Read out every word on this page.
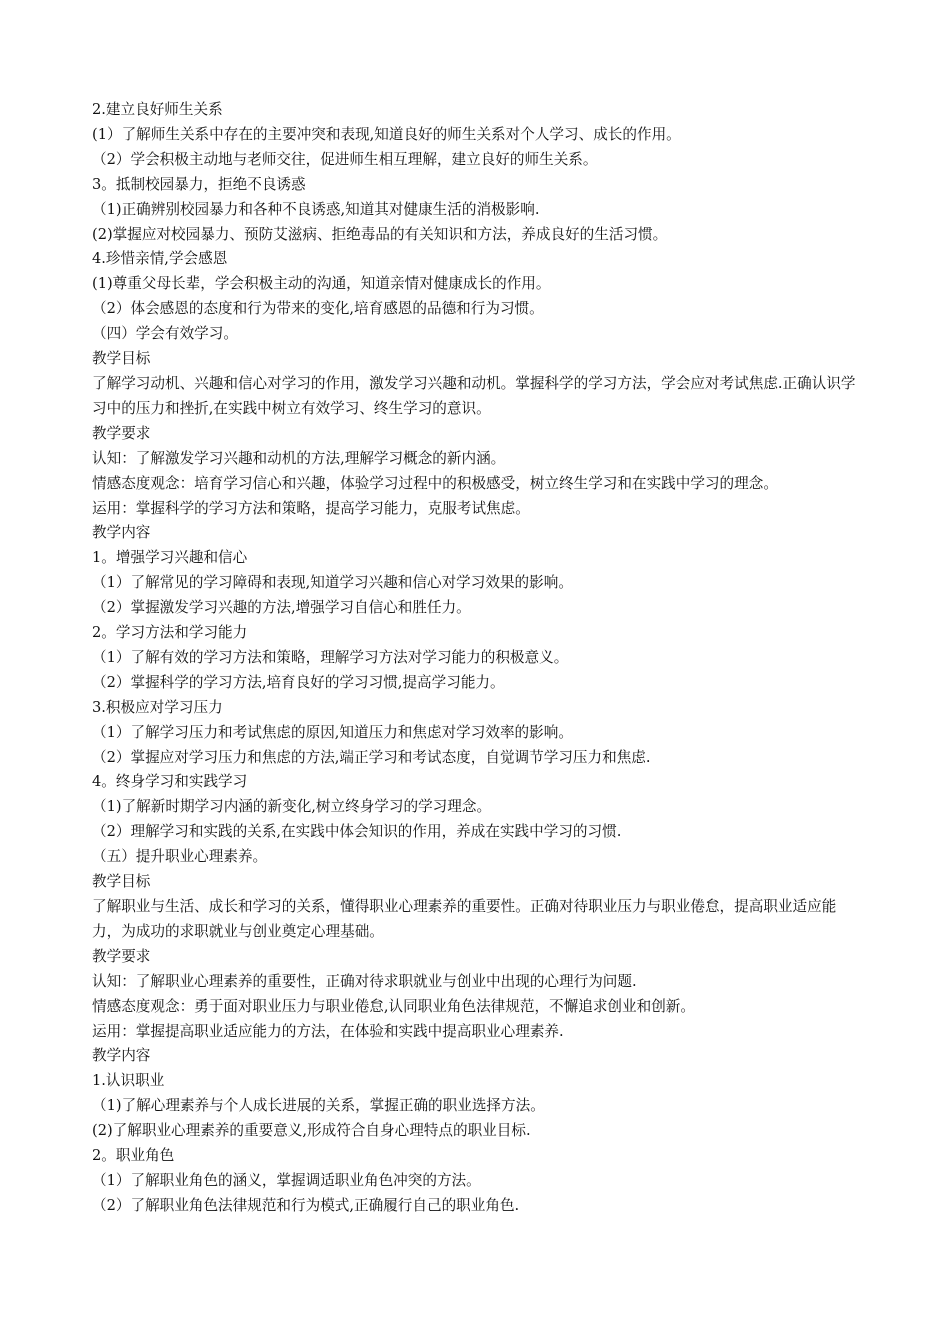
2.建立良好师生关系

(1）了解师生关系中存在的主要冲突和表现,知道良好的师生关系对个人学习、成长的作用。

（2）学会积极主动地与老师交往，促进师生相互理解，建立良好的师生关系。

3。抵制校园暴力，拒绝不良诱惑

（1)正确辨别校园暴力和各种不良诱惑,知道其对健康生活的消极影响.

(2)掌握应对校园暴力、预防艾滋病、拒绝毒品的有关知识和方法，养成良好的生活习惯。

4.珍惜亲情,学会感恩

(1)尊重父母长辈，学会积极主动的沟通，知道亲情对健康成长的作用。

（2）体会感恩的态度和行为带来的变化,培育感恩的品德和行为习惯。

（四）学会有效学习。

教学目标

了解学习动机、兴趣和信心对学习的作用，激发学习兴趣和动机。掌握科学的学习方法，学会应对考试焦虑.正确认识学习中的压力和挫折,在实践中树立有效学习、终生学习的意识。

教学要求

认知：了解激发学习兴趣和动机的方法,理解学习概念的新内涵。

情感态度观念：培育学习信心和兴趣，体验学习过程中的积极感受，树立终生学习和在实践中学习的理念。

运用：掌握科学的学习方法和策略，提高学习能力，克服考试焦虑。

教学内容

1。增强学习兴趣和信心

（1）了解常见的学习障碍和表现,知道学习兴趣和信心对学习效果的影响。

（2）掌握激发学习兴趣的方法,增强学习自信心和胜任力。

2。学习方法和学习能力

（1）了解有效的学习方法和策略，理解学习方法对学习能力的积极意义。

（2）掌握科学的学习方法,培育良好的学习习惯,提高学习能力。

3.积极应对学习压力

（1）了解学习压力和考试焦虑的原因,知道压力和焦虑对学习效率的影响。

（2）掌握应对学习压力和焦虑的方法,端正学习和考试态度，自觉调节学习压力和焦虑.

4。终身学习和实践学习

（1)了解新时期学习内涵的新变化,树立终身学习的学习理念。

（2）理解学习和实践的关系,在实践中体会知识的作用，养成在实践中学习的习惯.

（五）提升职业心理素养。

教学目标

了解职业与生活、成长和学习的关系，懂得职业心理素养的重要性。正确对待职业压力与职业倦怠，提高职业适应能力，为成功的求职就业与创业奠定心理基础。

教学要求

认知：了解职业心理素养的重要性，正确对待求职就业与创业中出现的心理行为问题.

情感态度观念：勇于面对职业压力与职业倦怠,认同职业角色法律规范，不懈追求创业和创新。

运用：掌握提高职业适应能力的方法，在体验和实践中提高职业心理素养.

教学内容

1.认识职业

（1)了解心理素养与个人成长进展的关系，掌握正确的职业选择方法。

(2)了解职业心理素养的重要意义,形成符合自身心理特点的职业目标.

2。职业角色

（1）了解职业角色的涵义，掌握调适职业角色冲突的方法。

（2）了解职业角色法律规范和行为模式,正确履行自己的职业角色.
